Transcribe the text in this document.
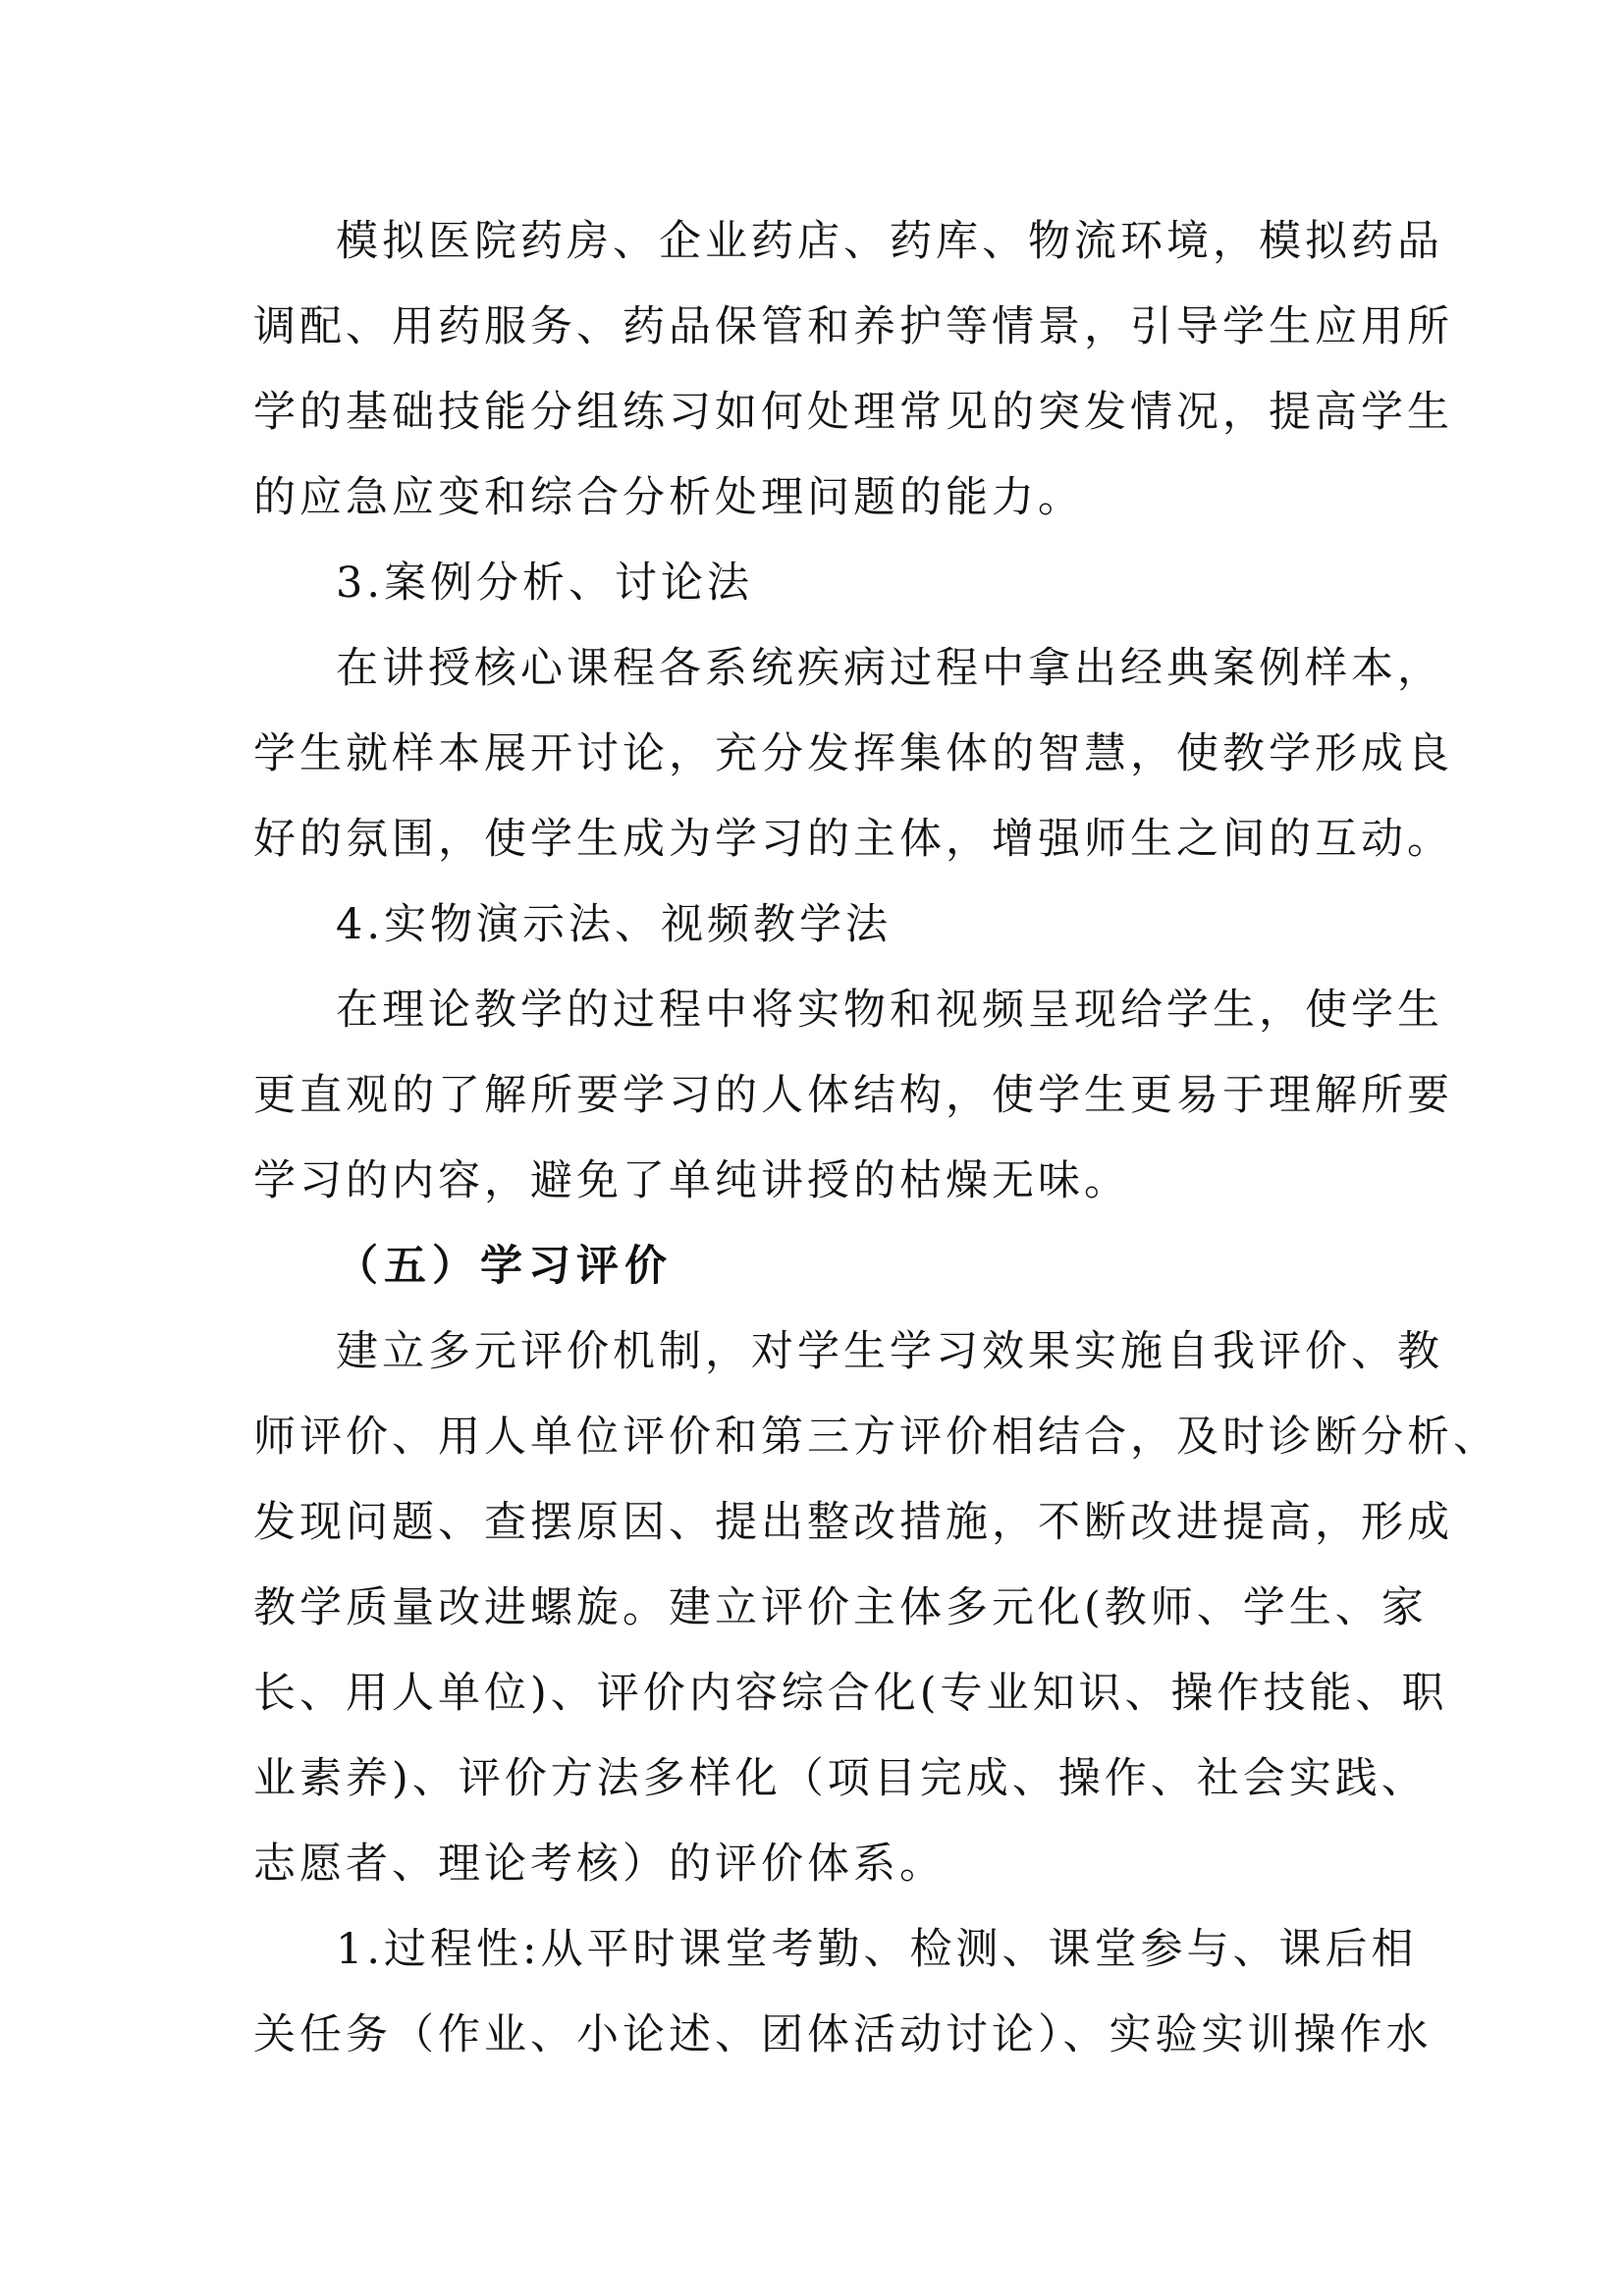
模拟医院药房、企业药店、药库、物流环境，模拟药品
调配、用药服务、药品保管和养护等情景，引导学生应用所
学的基础技能分组练习如何处理常见的突发情况，提高学生
的应急应变和综合分析处理问题的能力。
3.案例分析、讨论法
在讲授核心课程各系统疾病过程中拿出经典案例样本，
学生就样本展开讨论，充分发挥集体的智慧，使教学形成良
好的氛围，使学生成为学习的主体，增强师生之间的互动。
4.实物演示法、视频教学法
在理论教学的过程中将实物和视频呈现给学生，使学生
更直观的了解所要学习的人体结构，使学生更易于理解所要
学习的内容，避免了单纯讲授的枯燥无味。
（五）学习评价
建立多元评价机制，对学生学习效果实施自我评价、教
师评价、用人单位评价和第三方评价相结合，及时诊断分析、
发现问题、查摆原因、提出整改措施，不断改进提高，形成
教学质量改进螺旋。建立评价主体多元化(教师、学生、家
长、用人单位)、评价内容综合化(专业知识、操作技能、职
业素养)、评价方法多样化（项目完成、操作、社会实践、
志愿者、理论考核）的评价体系。
1.过程性:从平时课堂考勤、检测、课堂参与、课后相
关任务（作业、小论述、团体活动讨论）、实验实训操作水
